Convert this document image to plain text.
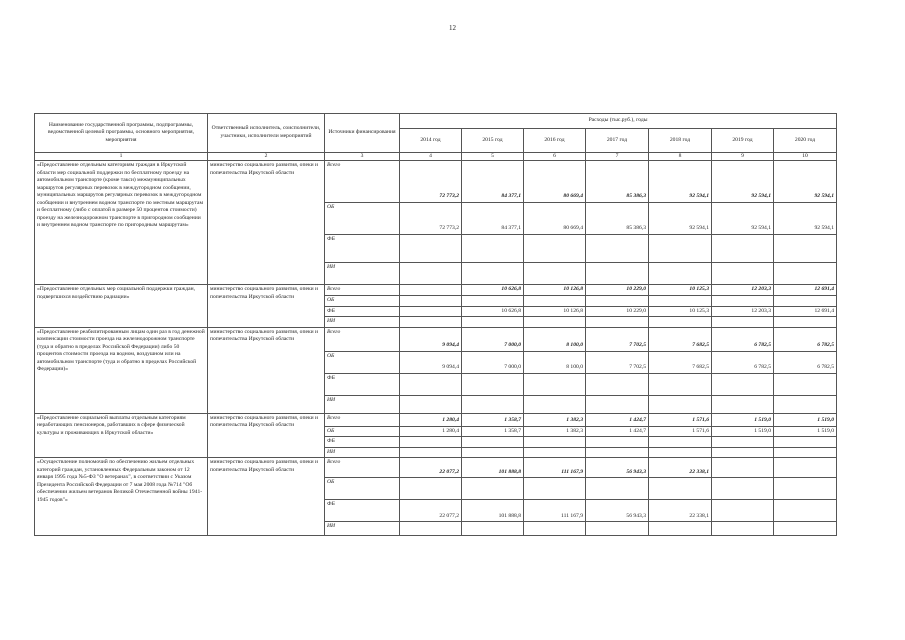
12
Наименование государственной программы, подпрограммы, ведомственной целевой программы, основного мероприятия, мероприятия	Ответственный исполнитель, соисполнители, участники, исполнители мероприятий	Источники финансирования	Расходы (тыс.руб.), годы						
			2014 год	2015 год	2016 год	2017 год	2018 год	2019 год	2020 год
1	2	3	4	5	6	7	8	9	10
«Предоставление отдельным категориям граждан в Иркутской области мер социальной поддержки по бесплатному проезду на автомобильном транспорте (кроме такси) межмуниципальных маршрутов регулярных перевозок в междугородном сообщении, муниципальных маршрутов регулярных перевозок в междугородном сообщении и внутреннем водном транспорте по местным маршрутам и бесплатному (либо с оплатой в размере 50 процентов стоимости) проезду на железнодорожном транспорте в пригородном сообщении и внутреннем водном транспорте по пригородным маршрутам»	министерство социального развития, опеки и попечительства Иркутской области	Всего	72 773,2	84 377,1	80 669,4	85 386,3	92 594,1	92 594,1	92 594,1
		ОБ	72 773,2	84 377,1	80 669,4	85 386,3	92 594,1	92 594,1	92 594,1
		ФБ							
		ИИ							
«Предоставление отдельных мер социальной поддержки граждан, подвергшихся воздействию радиации»	министерство социального развития, опеки и попечительства Иркутской области	Всего		10 626,8	10 126,8	10 229,0	10 125,3	12 203,3	12 691,4
		ОБ							
		ФБ		10 626,8	10 126,8	10 229,0	10 125,3	12 203,3	12 691,4
		ИИ							
«Предоставление реабилитированным лицам один раз в год денежной компенсации стоимости проезда на железнодорожном транспорте (туда и обратно в пределах Российской Федерации) либо 50 процентов стоимости проезда на водном, воздушном или на автомобильном транспорте (туда и обратно в пределах Российской Федерации)»	министерство социального развития, опеки и попечительства Иркутской области	Всего	9 094,4	7 000,0	8 100,0	7 702,5	7 682,5	6 782,5	6 782,5
		ОБ	9 094,4	7 000,0	8 100,0	7 702,5	7 682,5	6 782,5	6 782,5
		ФБ							
		ИИ							
«Предоставление социальной выплаты отдельным категориям неработающих пенсионеров, работавших в сфере физической культуры и проживающих в Иркутской области»	министерство социального развития, опеки и попечительства Иркутской области	Всего	1 280,4	1 358,7	1 382,3	1 424,7	1 571,6	1 519,0	1 519,0
		ОБ	1 280,4	1 358,7	1 382,3	1 424,7	1 571,6	1 519,0	1 519,0
		ФБ							
		ИИ							
«Осуществление полномочий по обеспечению жильем отдельных категорий граждан, установленных Федеральным законом от 12 января 1995 года №5-ФЗ "О ветеранах", в соответствии с Указом Президента Российской Федерации от 7 мая 2008 года №714 "Об обеспечении жильем ветеранов Великой Отечественной войны 1941-1945 годов"»	министерство социального развития, опеки и попечительства Иркутской области	Всего	22 077,2	101 888,8	111 167,9	56 943,3	22 338,1		
		ОБ							
		ФБ	22 077,2	101 888,8	111 167,9	56 943,3	22 338,1		
		ИИ							
